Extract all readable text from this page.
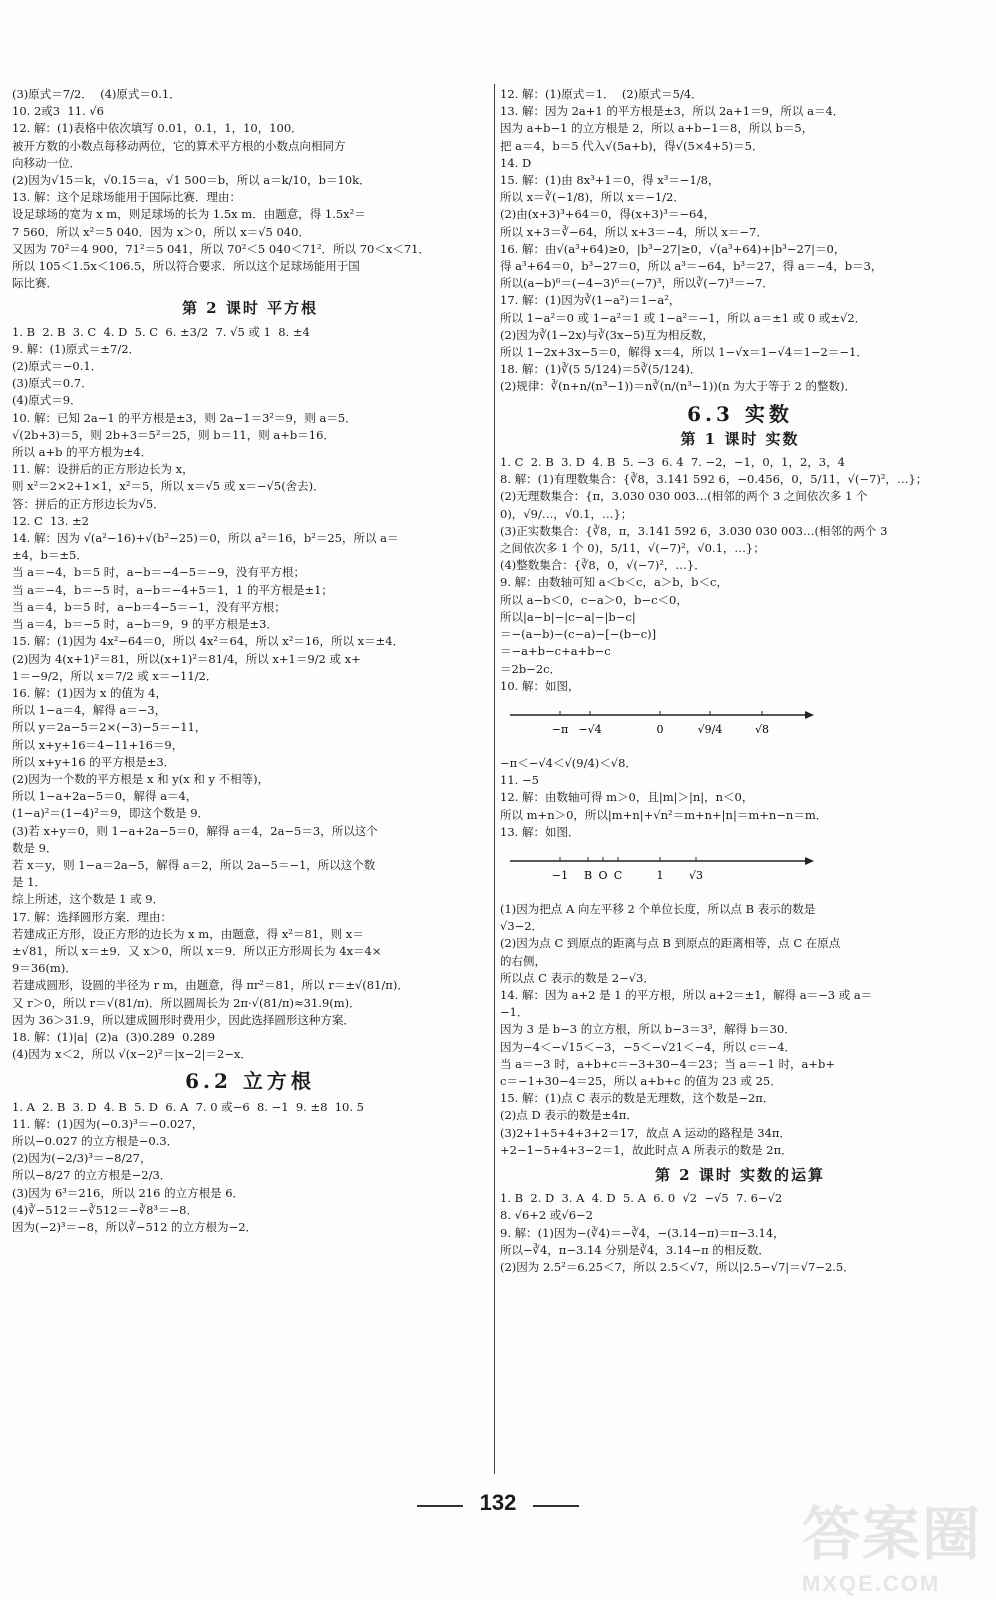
(3)原式＝7/2．  (4)原式＝0.1．
10. 2或3  11. √6
12. 解：(1)表格中依次填写 0.01，0.1，1，10，100．
被开方数的小数点每移动两位，它的算术平方根的小数点向相同方
向移动一位．
(2)因为√15＝k，√0.15＝a，√1 500＝b，所以 a＝k/10，b＝10k．
13. 解：这个足球场能用于国际比赛．理由：
设足球场的宽为 x m，则足球场的长为 1.5x m．由题意，得 1.5x²＝
7 560．所以 x²＝5 040．因为 x＞0，所以 x＝√5 040．
又因为 70²＝4 900，71²＝5 041，所以 70²＜5 040＜71²．所以 70＜x＜71．
所以 105＜1.5x＜106.5，所以符合要求．所以这个足球场能用于国
际比赛．
第 2 课时 平方根
1. B  2. B  3. C  4. D  5. C  6. ±3/2  7. √5 或 1  8. ±4
9. 解：(1)原式＝±7/2．
(2)原式＝−0.1．
(3)原式＝0.7．
(4)原式＝9．
10. 解：已知 2a−1 的平方根是±3，则 2a−1＝3²＝9，则 a＝5．
√(2b+3)＝5，则 2b+3＝5²＝25，则 b＝11，则 a+b＝16．
所以 a+b 的平方根为±4．
11. 解：设拼后的正方形边长为 x，
则 x²＝2×2+1×1，x²＝5，所以 x＝√5 或 x＝−√5(舍去)．
答：拼后的正方形边长为√5．
12. C  13. ±2
14. 解：因为 √(a²−16)+√(b²−25)＝0，所以 a²＝16，b²＝25，所以 a＝
±4，b＝±5．
当 a＝−4，b＝5 时，a−b＝−4−5＝−9，没有平方根；
当 a＝−4，b＝−5 时，a−b＝−4+5＝1，1 的平方根是±1；
当 a＝4，b＝5 时，a−b＝4−5＝−1，没有平方根；
当 a＝4，b＝−5 时，a−b＝9，9 的平方根是±3．
15. 解：(1)因为 4x²−64＝0，所以 4x²＝64，所以 x²＝16，所以 x＝±4．
(2)因为 4(x+1)²＝81，所以(x+1)²＝81/4，所以 x+1＝9/2 或 x+
1＝−9/2，所以 x＝7/2 或 x＝−11/2．
16. 解：(1)因为 x 的值为 4，
所以 1−a＝4，解得 a＝−3，
所以 y＝2a−5＝2×(−3)−5＝−11，
所以 x+y+16＝4−11+16＝9，
所以 x+y+16 的平方根是±3．
(2)因为一个数的平方根是 x 和 y(x 和 y 不相等)，
所以 1−a+2a−5＝0，解得 a＝4，
(1−a)²＝(1−4)²＝9，即这个数是 9．
(3)若 x+y＝0，则 1−a+2a−5＝0，解得 a＝4，2a−5＝3，所以这个
数是 9．
若 x＝y，则 1−a＝2a−5，解得 a＝2，所以 2a−5＝−1，所以这个数
是 1．
综上所述，这个数是 1 或 9．
17. 解：选择圆形方案．理由：
若建成正方形，设正方形的边长为 x m，由题意，得 x²＝81，则 x＝
±√81，所以 x＝±9．又 x＞0，所以 x＝9．所以正方形周长为 4x＝4×
9＝36(m)．
若建成圆形，设圆的半径为 r m，由题意，得 πr²＝81，所以 r＝±√(81/π)．
又 r＞0，所以 r＝√(81/π)．所以圆周长为 2π·√(81/π)≈31.9(m)．
因为 36＞31.9，所以建成圆形时费用少，因此选择圆形这种方案．
18. 解：(1)|a|  (2)a  (3)0.289  0.289
(4)因为 x＜2，所以 √(x−2)²＝|x−2|＝2−x．
6.2 立方根
1. A  2. B  3. D  4. B  5. D  6. A  7. 0 或−6  8. −1  9. ±8  10. 5
11. 解：(1)因为(−0.3)³＝−0.027，
所以−0.027 的立方根是−0.3．
(2)因为(−2/3)³＝−8/27，
所以−8/27 的立方根是−2/3．
(3)因为 6³＝216，所以 216 的立方根是 6．
(4)∛−512＝−∛512＝−∛8³＝−8．
因为(−2)³＝−8，所以∛−512 的立方根为−2．
12. 解：(1)原式＝1．  (2)原式＝5/4．
13. 解：因为 2a+1 的平方根是±3，所以 2a+1＝9，所以 a＝4．
因为 a+b−1 的立方根是 2，所以 a+b−1＝8，所以 b＝5，
把 a＝4，b＝5 代入√(5a+b)，得√(5×4+5)＝5．
14. D
15. 解：(1)由 8x³+1＝0，得 x³＝−1/8，
所以 x＝∛(−1/8)，所以 x＝−1/2．
(2)由(x+3)³+64＝0，得(x+3)³＝−64，
所以 x+3＝∛−64，所以 x+3＝−4，所以 x＝−7．
16. 解：由√(a³+64)≥0，|b³−27|≥0，√(a³+64)+|b³−27|＝0，
得 a³+64＝0，b³−27＝0，所以 a³＝−64，b³＝27，得 a＝−4，b＝3，
所以(a−b)⁶＝(−4−3)⁶＝(−7)³，所以∛(−7)³＝−7．
17. 解：(1)因为∛(1−a²)＝1−a²，
所以 1−a²＝0 或 1−a²＝1 或 1−a²＝−1，所以 a＝±1 或 0 或±√2．
(2)因为∛(1−2x)与∛(3x−5)互为相反数，
所以 1−2x+3x−5＝0，解得 x＝4，所以 1−√x＝1−√4＝1−2＝−1．
18. 解：(1)∛(5 5/124)＝5∛(5/124)．
(2)规律：∛(n+n/(n³−1))＝n∛(n/(n³−1))(n 为大于等于 2 的整数)．
6.3 实数
第 1 课时 实数
1. C  2. B  3. D  4. B  5. −3  6. 4  7. −2，−1，0，1，2，3，4
8. 解：(1)有理数集合：{∛8，3.141 592 6，−0.456，0，5/11，√(−7)²，…}；
(2)无理数集合：{π，3.030 030 003…(相邻的两个 3 之间依次多 1 个
0)，√9/…，√0.1，…}；
(3)正实数集合：{∛8，π，3.141 592 6，3.030 030 003…(相邻的两个 3
之间依次多 1 个 0)，5/11，√(−7)²，√0.1，…}；
(4)整数集合：{∛8，0，√(−7)²，…}．
9. 解：由数轴可知 a＜b＜c，a＞b，b＜c，
所以 a−b＜0，c−a＞0，b−c＜0，
所以|a−b|−|c−a|−|b−c|
＝−(a−b)−(c−a)−[−(b−c)]
＝−a+b−c+a+b−c
＝2b−2c．
10. 解：如图，
−π −√4	0	√9/4	√8
−π＜−√4＜√(9/4)＜√8．
11. −5
12. 解：由数轴可得 m＞0，且|m|＞|n|，n＜0，
所以 m+n＞0，所以|m+n|+√n²＝m+n+|n|＝m+n−n＝m．
13. 解：如图．
−1 B O C	1 √3
(1)因为把点 A 向左平移 2 个单位长度，所以点 B 表示的数是
√3−2．
(2)因为点 C 到原点的距离与点 B 到原点的距离相等，点 C 在原点
的右侧，
所以点 C 表示的数是 2−√3．
14. 解：因为 a+2 是 1 的平方根，所以 a+2＝±1，解得 a＝−3 或 a＝
−1．
因为 3 是 b−3 的立方根，所以 b−3＝3³，解得 b＝30．
因为−4＜−√15＜−3，−5＜−√21＜−4，所以 c＝−4．
当 a＝−3 时，a+b+c＝−3+30−4＝23；当 a＝−1 时，a+b+
c＝−1+30−4＝25，所以 a+b+c 的值为 23 或 25．
15. 解：(1)点 C 表示的数是无理数，这个数是−2π．
(2)点 D 表示的数是±4π．
(3)2+1+5+4+3+2＝17，故点 A 运动的路程是 34π．
+2−1−5+4+3−2＝1，故此时点 A 所表示的数是 2π．
第 2 课时 实数的运算
1. B  2. D  3. A  4. D  5. A  6. 0  √2  −√5  7. 6−√2
8. √6+2 或√6−2
9. 解：(1)因为−(∛4)＝−∛4，−(3.14−π)＝π−3.14，
所以−∛4，π−3.14 分别是∛4，3.14−π 的相反数．
(2)因为 2.5²＝6.25＜7，所以 2.5＜√7，所以|2.5−√7|＝√7−2.5．
132	答案圈
MXQE.COM
